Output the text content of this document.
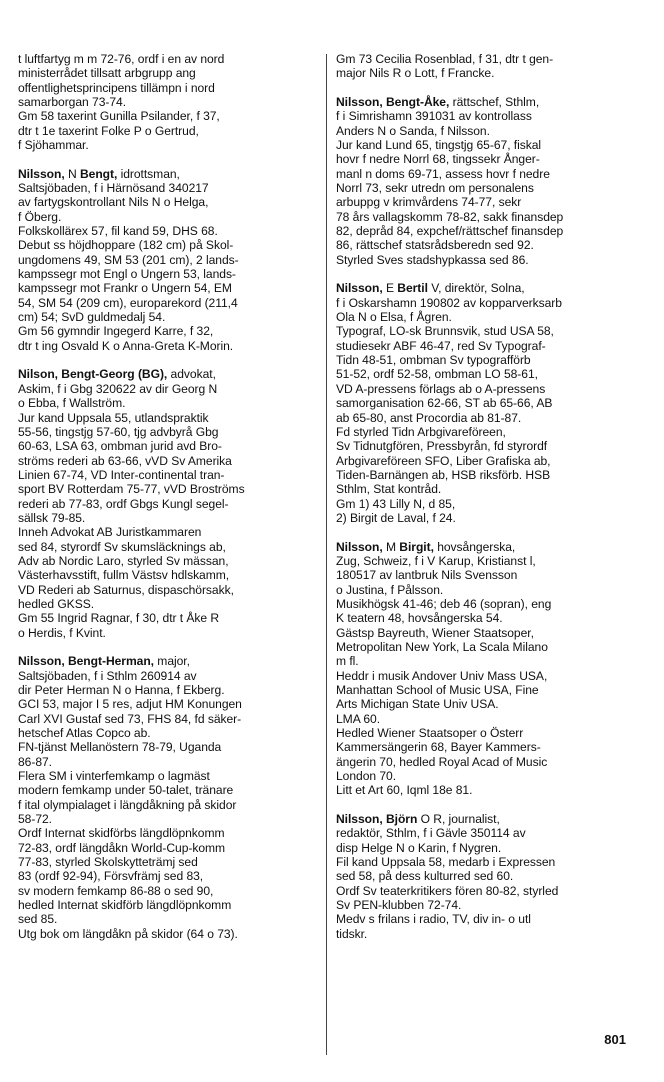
t luftfartyg m m 72-76, ordf i en av nord
ministerrådet tillsatt arbgrupp ang
offentlighetsprincipens tillämpn i nord
samarborgan 73-74.
Gm 58 taxerint Gunilla Psilander, f 37,
dtr t 1e taxerint Folke P o Gertrud,
f Sjöhammar.
Nilsson, N Bengt, idrottsman,
Saltsjöbaden, f i Härnösand 340217
av fartygskontrollant Nils N o Helga,
f Öberg.
Folkskollärex 57, fil kand 59, DHS 68.
Debut ss höjdhoppare (182 cm) på Skol-
ungdomens 49, SM 53 (201 cm), 2 lands-
kampssegr mot Engl o Ungern 53, lands-
kampssegr mot Frankr o Ungern 54, EM
54, SM 54 (209 cm), europarekord (211,4
cm) 54; SvD guldmedalj 54.
Gm 56 gymndir Ingegerd Karre, f 32,
dtr t ing Osvald K o Anna-Greta K-Morin.
Nilson, Bengt-Georg (BG), advokat,
Askim, f i Gbg 320622 av dir Georg N
o Ebba, f Wallström.
Jur kand Uppsala 55, utlandspraktik
55-56, tingstjg 57-60, tjg advbyrå Gbg
60-63, LSA 63, ombman jurid avd Bro-
ströms rederi ab 63-66, vVD Sv Amerika
Linien 67-74, VD Inter-continental tran-
sport BV Rotterdam 75-77, vVD Broströms
rederi ab 77-83, ordf Gbgs Kungl segel-
sällsk 79-85.
Inneh Advokat AB Juristkammaren
sed 84, styrordf Sv skumsläcknings ab,
Adv ab Nordic Laro, styrled Sv mässan,
Västerhavsstift, fullm Västsv hdlskamm,
VD Rederi ab Saturnus, dispaschörsakk,
hedled GKSS.
Gm 55 Ingrid Ragnar, f 30, dtr t Åke R
o Herdis, f Kvint.
Nilsson, Bengt-Herman, major,
Saltsjöbaden, f i Sthlm 260914 av
dir Peter Herman N o Hanna, f Ekberg.
GCI 53, major I 5 res, adjut HM Konungen
Carl XVI Gustaf sed 73, FHS 84, fd säker-
hetschef Atlas Copco ab.
FN-tjänst Mellanöstern 78-79, Uganda
86-87.
Flera SM i vinterfemkamp o lagmäst
modern femkamp under 50-talet, tränare
f ital olympialaget i längdåkning på skidor
58-72.
Ordf Internat skidförbs längdlöpnkomm
72-83, ordf längdåkn World-Cup-komm
77-83, styrled Skolskytteträmj sed
83 (ordf 92-94), Försvfrämj sed 83,
sv modern femkamp 86-88 o sed 90,
hedled Internat skidförb längdlöpnkomm
sed 85.
Utg bok om längdåkn på skidor (64 o 73).
Gm 73 Cecilia Rosenblad, f 31, dtr t gen-
major Nils R o Lott, f Francke.
Nilsson, Bengt-Åke, rättschef, Sthlm,
f i Simrishamn 391031 av kontrollass
Anders N o Sanda, f Nilsson.
Jur kand Lund 65, tingstjg 65-67, fiskal
hovr f nedre Norrl 68, tingssekr Ånger-
manl n doms 69-71, assess hovr f nedre
Norrl 73, sekr utredn om personalens
arbuppg v krimvårdens 74-77, sekr
78 års vallagskomm 78-82, sakk finansdep
82, depråd 84, expchef/rättschef finansdep
86, rättschef statsrådsberedn sed 92.
Styrled Sves stadshypkassa sed 86.
Nilsson, E Bertil V, direktör, Solna,
f i Oskarshamn 190802 av kopparverksarb
Ola N o Elsa, f Ågren.
Typograf, LO-sk Brunnsvik, stud USA 58,
studiesekr ABF 46-47, red Sv Typograf-
Tidn 48-51, ombman Sv typografförb
51-52, ordf 52-58, ombman LO 58-61,
VD A-pressens förlags ab o A-pressens
samorganisation 62-66, ST ab 65-66, AB
ab 65-80, anst Procordia ab 81-87.
Fd styrled Tidn Arbgivareföreen,
Sv Tidnutgfören, Pressbyrån, fd styrordf
Arbgivareföreen SFO, Liber Grafiska ab,
Tiden-Barnängen ab, HSB riksförb. HSB
Sthlm, Stat kontråd.
Gm 1) 43 Lilly N, d 85,
2) Birgit de Laval, f 24.
Nilsson, M Birgit, hovsångerska,
Zug, Schweiz, f i V Karup, Kristianst l,
180517 av lantbruk Nils Svensson
o Justina, f Pålsson.
Musikhögsk 41-46; deb 46 (sopran), eng
K teatern 48, hovsångerska 54.
Gästsp Bayreuth, Wiener Staatsoper,
Metropolitan New York, La Scala Milano
m fl.
Heddr i musik Andover Univ Mass USA,
Manhattan School of Music USA, Fine
Arts Michigan State Univ USA.
LMA 60.
Hedled Wiener Staatsoper o Österr
Kammersängerin 68, Bayer Kammers-
ängerin 70, hedled Royal Acad of Music
London 70.
Litt et Art 60, Iqml 18e 81.
Nilsson, Björn O R, journalist,
redaktör, Sthlm, f i Gävle 350114 av
disp Helge N o Karin, f Nygren.
Fil kand Uppsala 58, medarb i Expressen
sed 58, på dess kulturred sed 60.
Ordf Sv teaterkritikers fören 80-82, styrled
Sv PEN-klubben 72-74.
Medv s frilans i radio, TV, div in- o utl
tidskr.
801
